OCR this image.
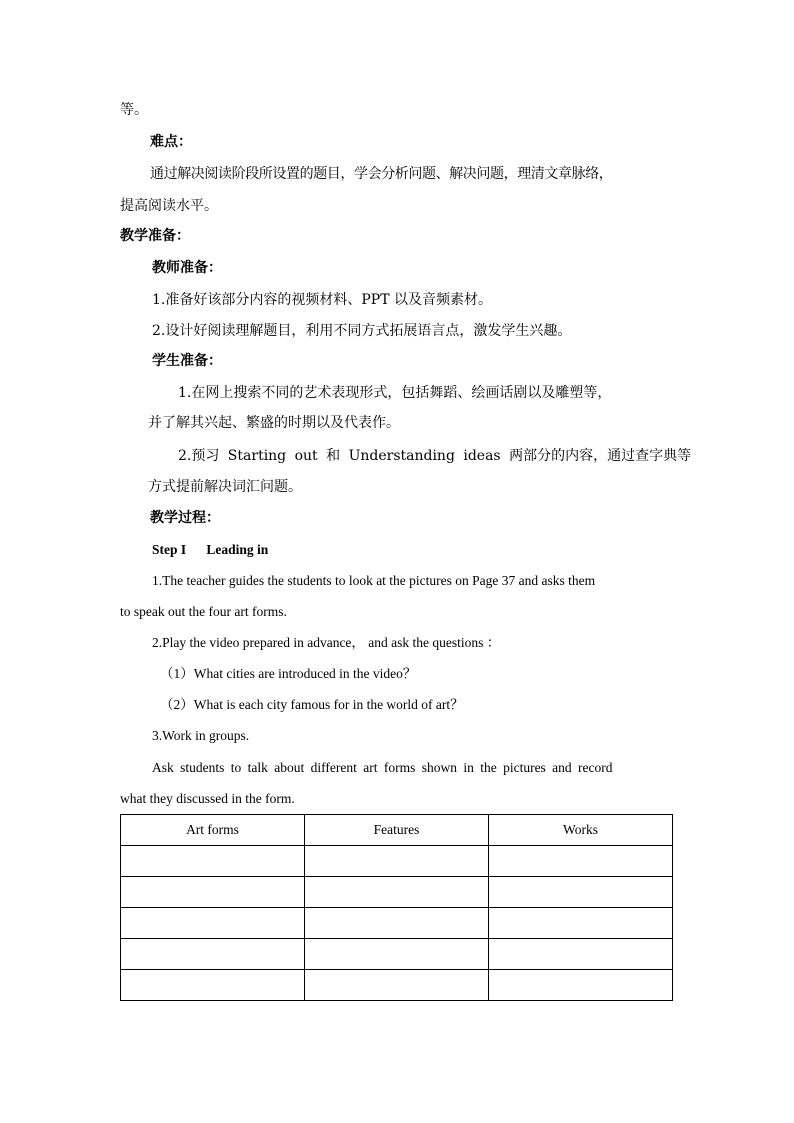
等。
难点：
通过解决阅读阶段所设置的题目，学会分析问题、解决问题，理清文章脉络，
提高阅读水平。
教学准备：
教师准备：
1.准备好该部分内容的视频材料、PPT 以及音频素材。
2.设计好阅读理解题目，利用不同方式拓展语言点，激发学生兴趣。
学生准备：
1.在网上搜索不同的艺术表现形式，包括舞蹈、绘画话剧以及雕塑等，
并了解其兴起、繁盛的时期以及代表作。
2.预习 Starting out 和 Understanding ideas 两部分的内容，通过查字典等
方式提前解决词汇问题。
教学过程：
Step I      Leading in
1.The teacher guides the students to look at the pictures on Page 37 and asks them
to speak out the four art forms.
2.Play the video prepared in advance， and ask the questions ：
（1）What cities are introduced in the video？
（2）What is each city famous for in the world of art？
3.Work in groups.
Ask students to talk about different art forms shown in the pictures and record
what they discussed in the form.
Art forms	Features	Works
